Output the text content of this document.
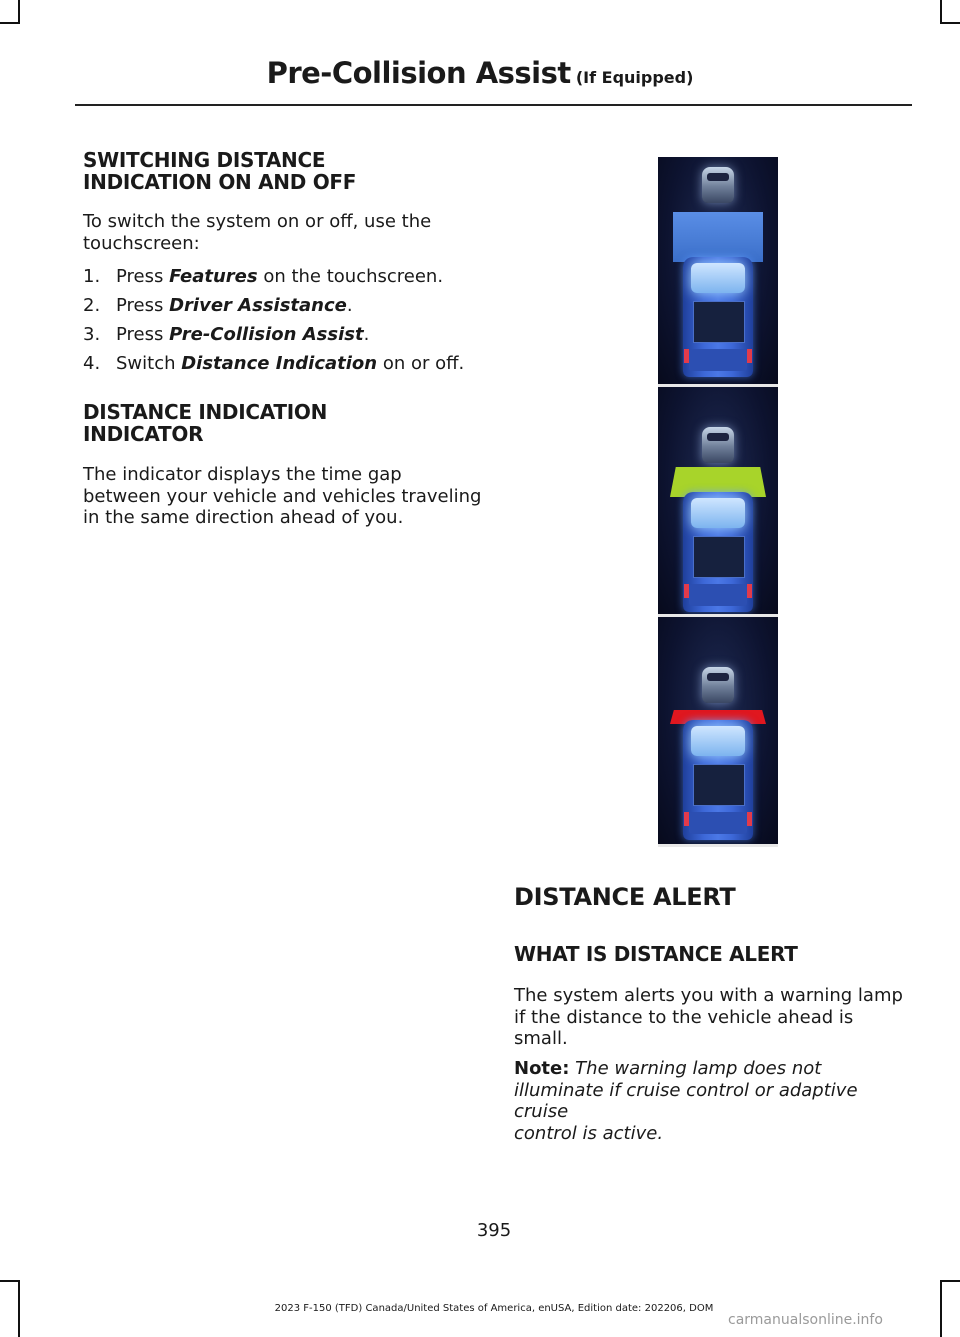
Pre-Collision Assist (If Equipped)
SWITCHING DISTANCE
INDICATION ON AND OFF
To switch the system on or off, use the
touchscreen:
1. Press Features on the touchscreen.
2. Press Driver Assistance.
3. Press Pre-Collision Assist.
4. Switch Distance Indication on or off.
DISTANCE INDICATION
INDICATOR
The indicator displays the time gap
between your vehicle and vehicles traveling
in the same direction ahead of you.
DISTANCE ALERT
WHAT IS DISTANCE ALERT
The system alerts you with a warning lamp
if the distance to the vehicle ahead is
small.
Note: The warning lamp does not
illuminate if cruise control or adaptive cruise
control is active.
395
2023 F-150 (TFD) Canada/United States of America, enUSA, Edition date: 202206, DOM
carmanualsonline.info
